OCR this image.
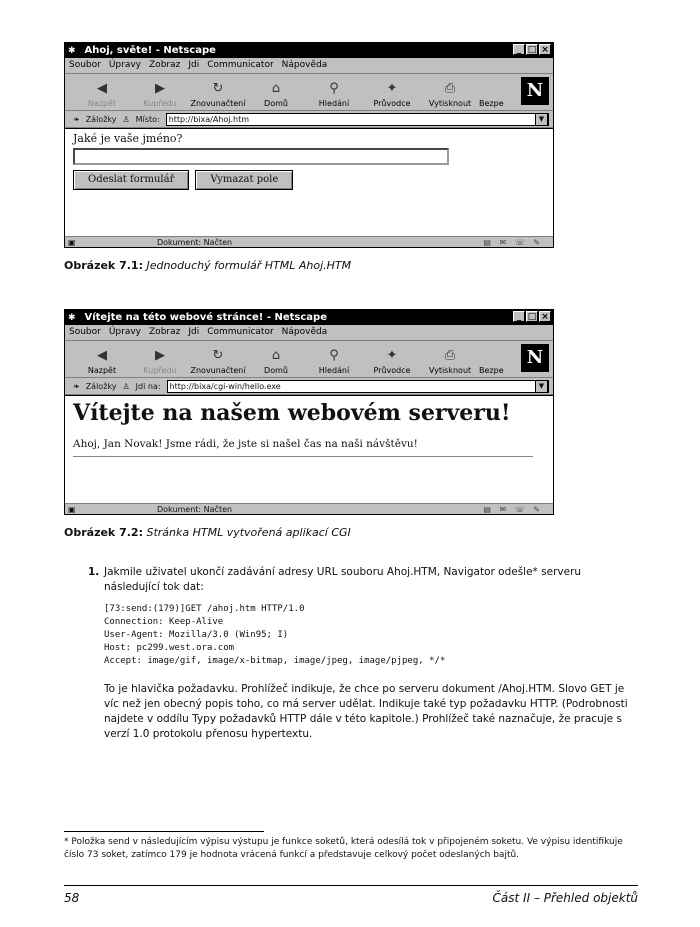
✱ Ahoj, světe! - Netscape	_ □ ×
Soubor Úpravy Zobraz Jdi Communicator Nápověda
◀
Nazpět
▶
Kupředu
↻
Znovunačtení
⌂
Domů
⚲
Hledání
✦
Průvodce
⎙
Vytisknout Bezpe
N
❧ Záložky ♙ Místo:	http://bixa/Ahoj.htm	▼
Jaké je vaše jméno?
Odeslat formulář	Vymazat pole
▣	Dokument: Načten	▤ ✉ ☏ ✎
Obrázek 7.1: Jednoduchý formulář HTML Ahoj.HTM
✱ Vítejte na této webové stránce! - Netscape	_ □ ×
Soubor Úpravy Zobraz Jdi Communicator Nápověda
◀
Nazpět
▶
Kupředu
↻
Znovunačtení
⌂
Domů
⚲
Hledání
✦
Průvodce
⎙
Vytisknout Bezpe
N
❧ Záložky ♙ Jdi na:	http://bixa/cgi-win/hello.exe	▼
Vítejte na našem webovém serveru!

Ahoj, Jan Novak! Jsme rádi, že jste si našel čas na naši návštěvu!

▣	Dokument: Načten	▤ ✉ ☏ ✎
Obrázek 7.2: Stránka HTML vytvořená aplikací CGI
1. Jakmile uživatel ukončí zadávání adresy URL souboru Ahoj.HTM, Navigator odešle* serveru následující tok dat:
[73:send:(179)]GET /ahoj.htm HTTP/1.0
Connection: Keep-Alive
User-Agent: Mozilla/3.0 (Win95; I)
Host: pc299.west.ora.com
Accept: image/gif, image/x-bitmap, image/jpeg, image/pjpeg, */*
To je hlavička požadavku. Prohlížeč indikuje, že chce po serveru dokument /Ahoj.HTM. Slovo GET je víc než jen obecný popis toho, co má server udělat. Indikuje také typ požadavku HTTP. (Podrobnosti najdete v oddílu Typy požadavků HTTP dále v této kapitole.) Prohlížeč také naznačuje, že pracuje s verzí 1.0 protokolu přenosu hypertextu.
* Položka send v následujícím výpisu výstupu je funkce soketů, která odesílá tok v připojeném soketu. Ve výpisu identifikuje číslo 73 soket, zatímco 179 je hodnota vrácená funkcí a představuje celkový počet odeslaných bajtů.
58	Část II – Přehled objektů
